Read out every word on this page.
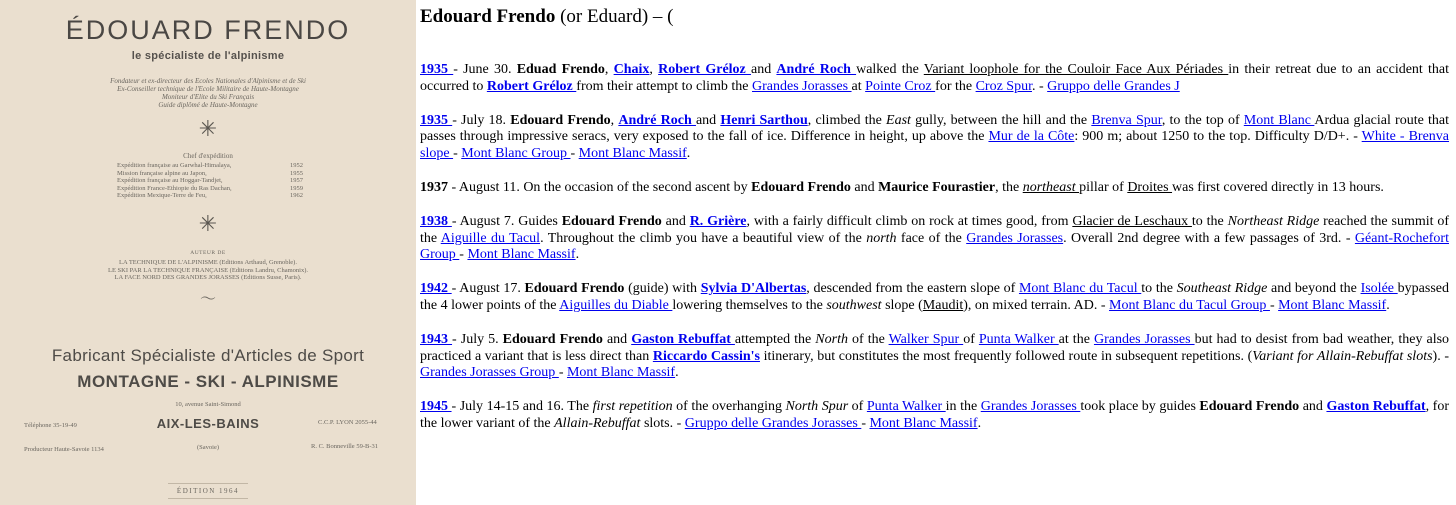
ÉDOUARD FRENDO
le spécialiste de l'alpinisme
Fondateur et ex-directeur des Ecoles Nationales d'Alpinisme et de Ski
Ex-Conseiller technique de l'Ecole Militaire de Haute-Montagne
Moniteur d'Elite du Ski Français
Guide diplômé de Haute-Montagne
✳
Chef d'expédition
Expédition française au Garwhal-Himalaya,	1952
Mission française alpine au Japon,	1955
Expédition française au Hoggar-Tandjet,	1957
Expédition France-Ethiopie du Ras Dachan,	1959
Expédition Mexique-Terre de Feu,	1962
✳
AUTEUR DE
LA TECHNIQUE DE L'ALPINISME (Editions Arthaud, Grenoble).
LE SKI PAR LA TECHNIQUE FRANÇAISE (Editions Landru, Chamonix).
LA FACE NORD DES GRANDES JORASSES (Editions Susse, Paris).
〜
Fabricant Spécialiste d'Articles de Sport
MONTAGNE - SKI - ALPINISME
10, avenue Saint-Simond
AIX-LES-BAINS
Téléphone 35-19-49	C.C.P. LYON 2055-44
Producteur Haute-Savoie 1134	(Savoie)	R. C. Bonneville 59-B-31
ÉDITION 1964
Edouard Frendo (or Eduard) – (

1935 - June 30. Eduad Frendo, Chaix, Robert Gréloz and André Roch walked the Variant loophole for the Couloir Face Aux Périades in their retreat due to an accident that occurred to Robert Gréloz from their attempt to climb the Grandes Jorasses at Pointe Croz for the Croz Spur. - Gruppo delle Grandes J

1935 - July 18. Edouard Frendo, André Roch and Henri Sarthou, climbed the East gully, between the hill and the Brenva Spur, to the top of Mont Blanc Ardua glacial route that passes through impressive seracs, very exposed to the fall of ice. Difference in height, up above the Mur de la Côte: 900 m; about 1250 to the top. Difficulty D/D+. - White - Brenva slope - Mont Blanc Group - Mont Blanc Massif.

1937 - August 11. On the occasion of the second ascent by Edouard Frendo and Maurice Fourastier, the northeast pillar of Droites was first covered directly in 13 hours.

1938 - August 7. Guides Edouard Frendo and R. Grière, with a fairly difficult climb on rock at times good, from Glacier de Leschaux to the Northeast Ridge reached the summit of the Aiguille du Tacul. Throughout the climb you have a beautiful view of the north face of the Grandes Jorasses. Overall 2nd degree with a few passages of 3rd. - Géant-Rochefort Group - Mont Blanc Massif.

1942 - August 17. Edouard Frendo (guide) with Sylvia D'Albertas, descended from the eastern slope of Mont Blanc du Tacul to the Southeast Ridge and beyond the Isolée bypassed the 4 lower points of the Aiguilles du Diable lowering themselves to the southwest slope (Maudit), on mixed terrain. AD. - Mont Blanc du Tacul Group - Mont Blanc Massif.

1943 - July 5. Edouard Frendo and Gaston Rebuffat attempted the North of the Walker Spur of Punta Walker at the Grandes Jorasses but had to desist from bad weather, they also practiced a variant that is less direct than Riccardo Cassin's itinerary, but constitutes the most frequently followed route in subsequent repetitions. (Variant for Allain-Rebuffat slots). - Grandes Jorasses Group - Mont Blanc Massif.

1945 - July 14-15 and 16. The first repetition of the overhanging North Spur of Punta Walker in the Grandes Jorasses took place by guides Edouard Frendo and Gaston Rebuffat, for the lower variant of the Allain-Rebuffat slots. - Gruppo delle Grandes Jorasses - Mont Blanc Massif.
